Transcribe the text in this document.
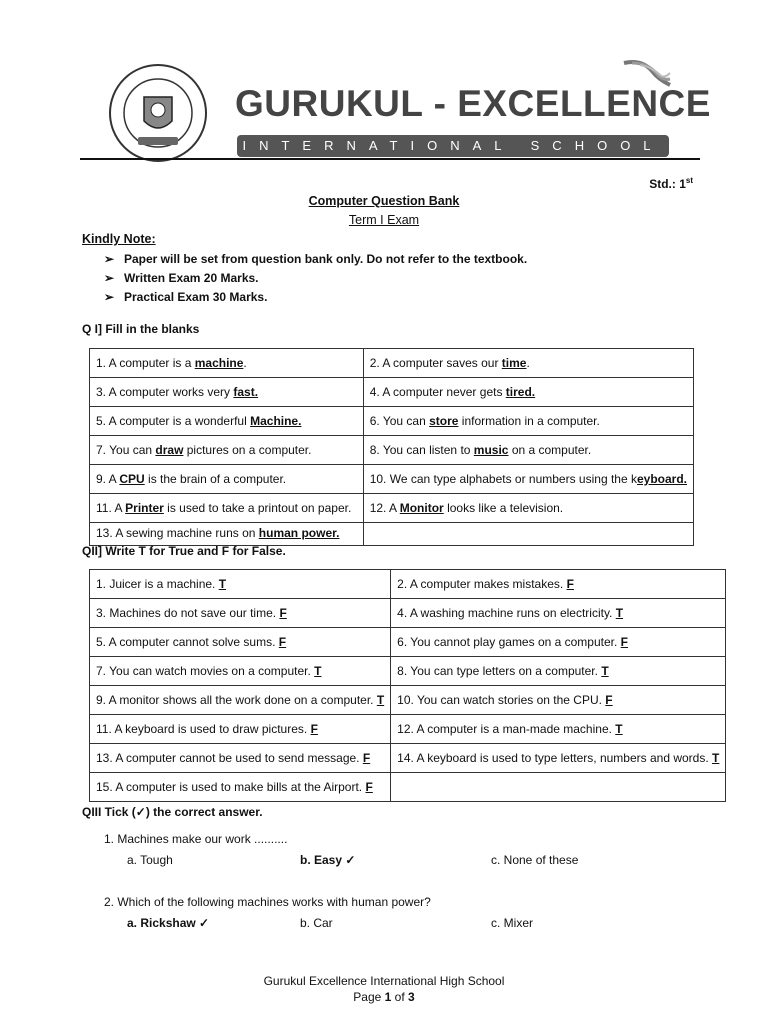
GURUKUL - EXCELLENCE
INTERNATIONAL SCHOOL
Std.: 1st
Computer Question Bank
Term I Exam
Kindly Note:
➢ Paper will be set from question bank only. Do not refer to the textbook.
➢ Written Exam 20 Marks.
➢ Practical Exam 30 Marks.
Q I] Fill in the blanks
1. A computer is a machine.	2. A computer saves our time.
3. A computer works very fast.	4. A computer never gets tired.
5. A computer is a wonderful Machine.	6. You can store information in a computer.
7. You can draw pictures on a computer.	8. You can listen to music on a computer.
9. A CPU is the brain of a computer.	10. We can type alphabets or numbers using the keyboard.
11. A Printer is used to take a printout on paper.	12. A Monitor looks like a television.
13. A sewing machine runs on human power.	
QII] Write T for True and F for False.
1. Juicer is a machine. T	2. A computer makes mistakes. F
3. Machines do not save our time. F	4. A washing machine runs on electricity. T
5. A computer cannot solve sums. F	6. You cannot play games on a computer. F
7. You can watch movies on a computer. T	8. You can type letters on a computer. T
9. A monitor shows all the work done on a computer. T	10. You can watch stories on the CPU. F
11. A keyboard is used to draw pictures. F	12. A computer is a man-made machine. T
13. A computer cannot be used to send message. F	14. A keyboard is used to type letters, numbers and words. T
15. A computer is used to make bills at the Airport. F	
QIII Tick (✓) the correct answer.
1. Machines make our work ..........
a. Tough	b. Easy ✓	c. None of these
2. Which of the following machines works with human power?
a. Rickshaw ✓	b. Car	c. Mixer
Gurukul Excellence International High School
Page 1 of 3
